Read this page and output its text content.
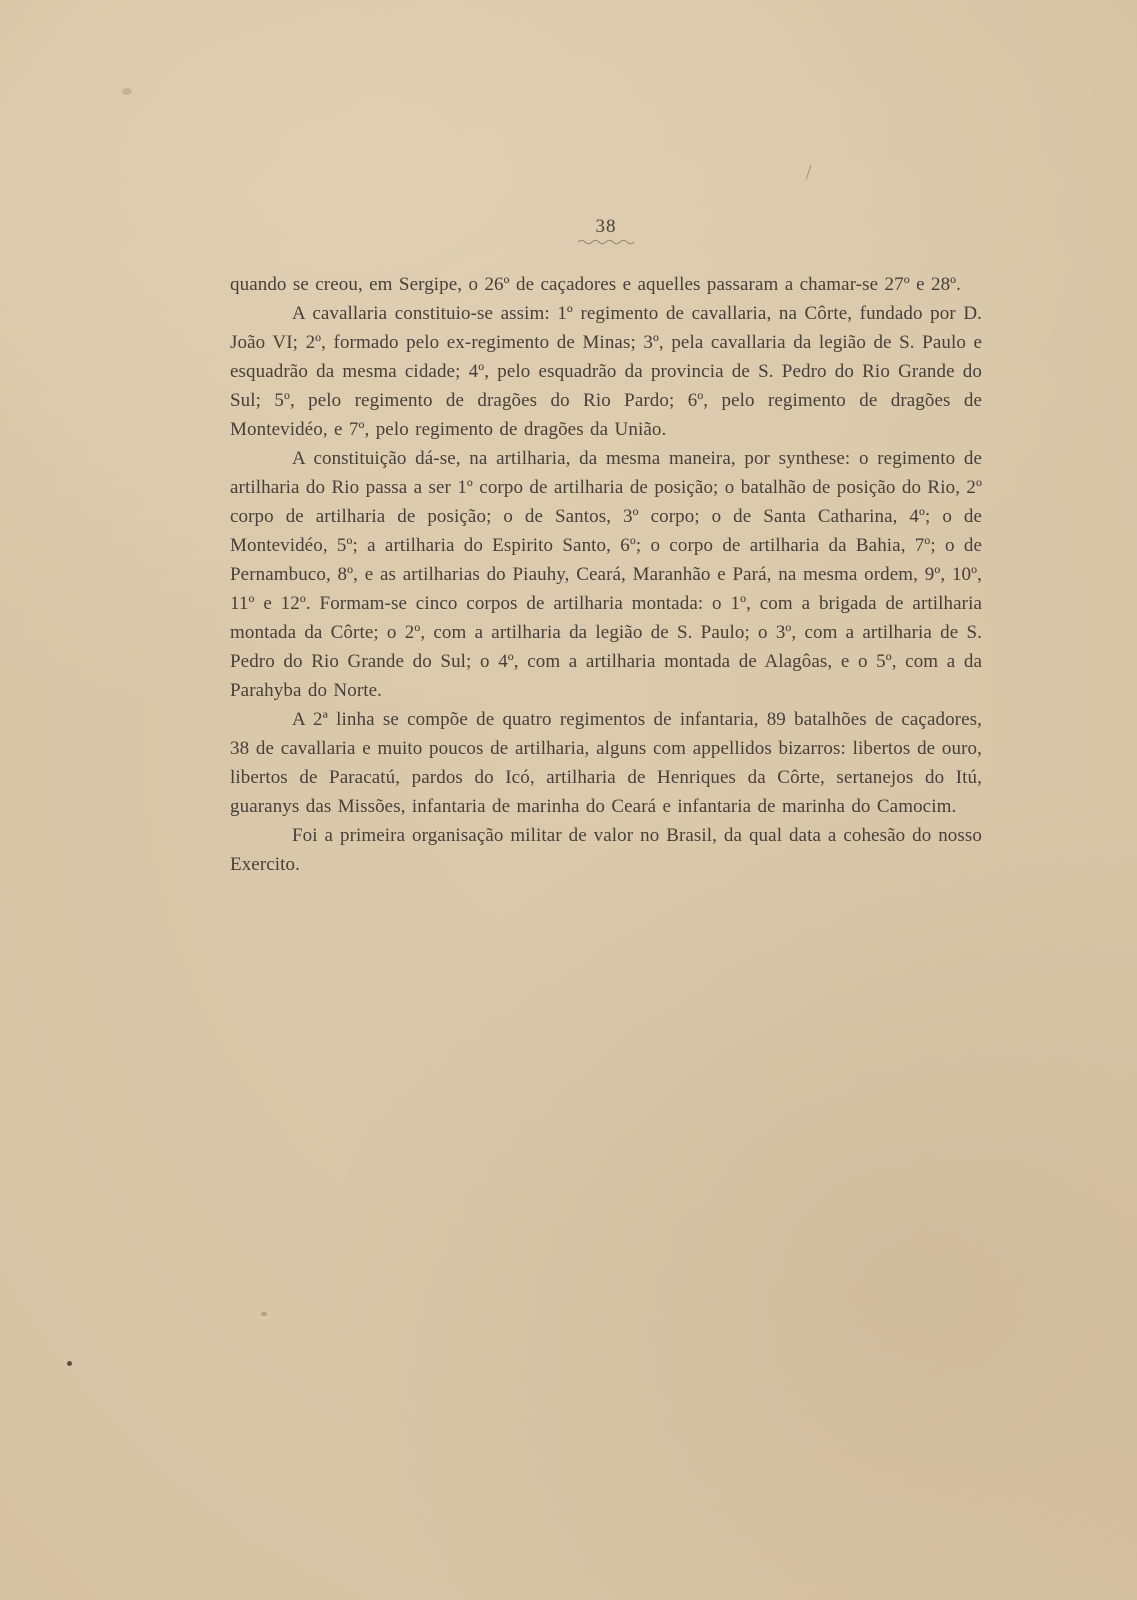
38

quando se creou, em Sergipe, o 26º de caçadores e aquelles passaram a chamar-se 27º e 28º.

A cavallaria constituio-se assim: 1º regimento de cavallaria, na Côrte, fundado por D. João VI; 2º, formado pelo ex-regimento de Minas; 3º, pela cavallaria da legião de S. Paulo e esquadrão da mesma cidade; 4º, pelo esquadrão da provincia de S. Pedro do Rio Grande do Sul; 5º, pelo regimento de dragões do Rio Pardo; 6º, pelo regimento de dragões de Montevidéo, e 7º, pelo regimento de dragões da União.

A constituição dá-se, na artilharia, da mesma maneira, por synthese: o regimento de artilharia do Rio passa a ser 1º corpo de artilharia de posição; o batalhão de posição do Rio, 2º corpo de artilharia de posição; o de Santos, 3º corpo; o de Santa Catharina, 4º; o de Montevidéo, 5º; a artilharia do Espirito Santo, 6º; o corpo de artilharia da Bahia, 7º; o de Pernambuco, 8º, e as artilharias do Piauhy, Ceará, Maranhão e Pará, na mesma ordem, 9º, 10º, 11º e 12º. Formam-se cinco corpos de artilharia montada: o 1º, com a brigada de artilharia montada da Côrte; o 2º, com a artilharia da legião de S. Paulo; o 3º, com a artilharia de S. Pedro do Rio Grande do Sul; o 4º, com a artilharia montada de Alagôas, e o 5º, com a da Parahyba do Norte.

A 2ª linha se compõe de quatro regimentos de infantaria, 89 batalhões de caçadores, 38 de cavallaria e muito poucos de artilharia, alguns com appellidos bizarros: libertos de ouro, libertos de Paracatú, pardos do Icó, artilharia de Henriques da Côrte, sertanejos do Itú, guaranys das Missões, infantaria de marinha do Ceará e infantaria de marinha do Camocim.

Foi a primeira organisação militar de valor no Brasil, da qual data a cohesão do nosso Exercito.
